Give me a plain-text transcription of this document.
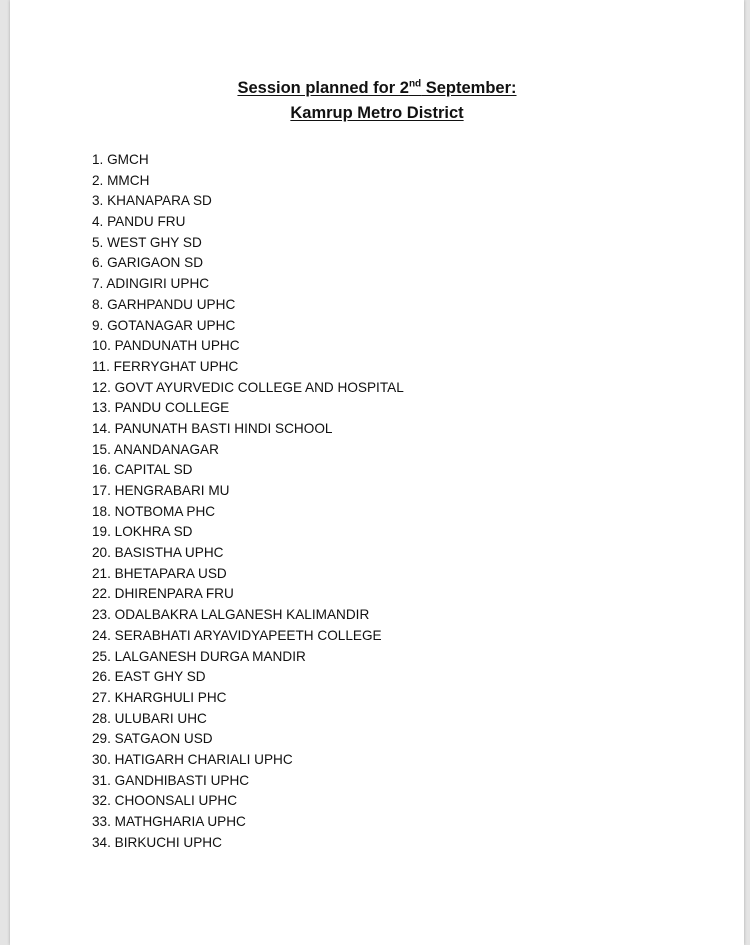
Session planned for 2nd September:
Kamrup Metro District
1. GMCH
2. MMCH
3. KHANAPARA SD
4. PANDU FRU
5. WEST GHY SD
6. GARIGAON SD
7. ADINGIRI UPHC
8. GARHPANDU UPHC
9. GOTANAGAR UPHC
10. PANDUNATH UPHC
11. FERRYGHAT UPHC
12. GOVT AYURVEDIC COLLEGE AND HOSPITAL
13. PANDU COLLEGE
14. PANUNATH BASTI HINDI SCHOOL
15. ANANDANAGAR
16. CAPITAL SD
17. HENGRABARI MU
18. NOTBOMA PHC
19. LOKHRA SD
20. BASISTHA UPHC
21. BHETAPARA USD
22. DHIRENPARA FRU
23. ODALBAKRA LALGANESH KALIMANDIR
24. SERABHATI ARYAVIDYAPEETH COLLEGE
25. LALGANESH DURGA MANDIR
26. EAST GHY SD
27. KHARGHULI PHC
28. ULUBARI UHC
29. SATGAON USD
30. HATIGARH CHARIALI UPHC
31. GANDHIBASTI UPHC
32. CHOONSALI UPHC
33. MATHGHARIA UPHC
34. BIRKUCHI UPHC
